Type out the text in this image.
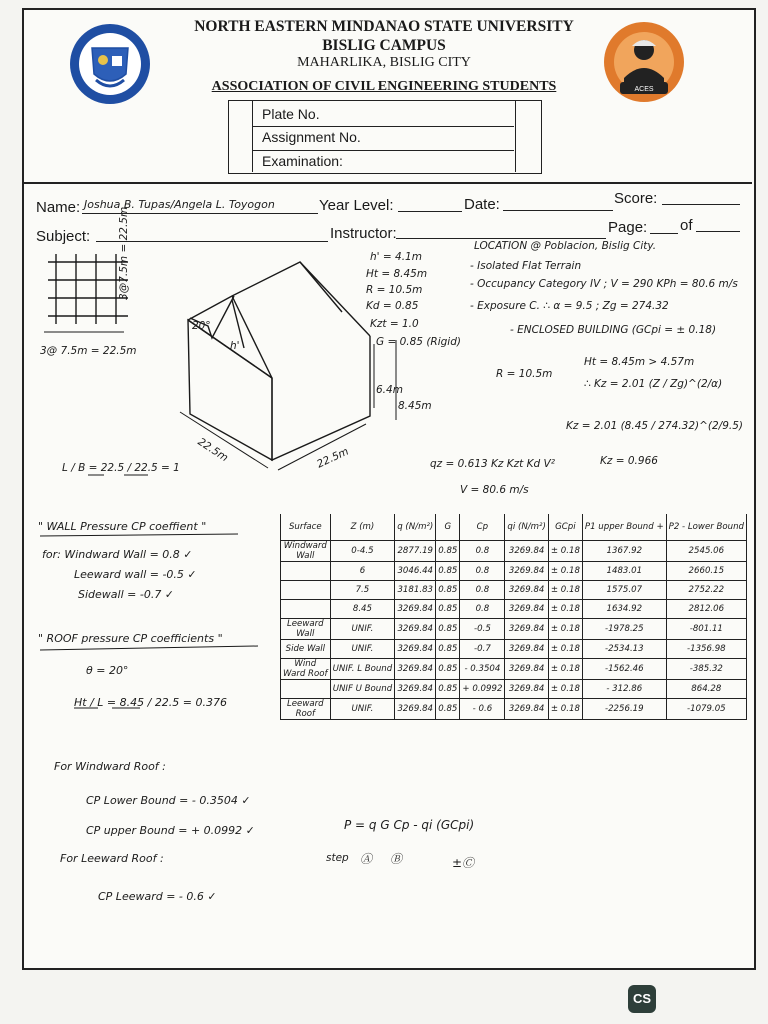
ACES
NORTH EASTERN MINDANAO STATE UNIVERSITY
BISLIG CAMPUS
MAHARLIKA, BISLIG CITY
ASSOCIATION OF CIVIL ENGINEERING STUDENTS
Plate No.
Assignment No.
Examination:
Name: Joshua B. Tupas/Angela L. Toyogon	Year Level:	Date:	Score:
Subject:	Instructor:	Page: of
3@ 7.5m = 22.5m
3@7.5m = 22.5m
20°
h'
6.4m
8.45m
22.5m	22.5m
h' = 4.1m
Ht = 8.45m
R = 10.5m
Kd = 0.85
Kzt = 1.0
G = 0.85 (Rigid)
LOCATION @ Poblacion, Bislig City.
- Isolated Flat Terrain
- Occupancy Category IV ; V = 290 KPh = 80.6 m/s
- Exposure C. ∴ α = 9.5 ; Zg = 274.32
- ENCLOSED BUILDING (GCpi = ± 0.18)
R = 10.5m
Ht = 8.45m > 4.57m
∴ Kz = 2.01 (Z / Zg)^(2/α)
Kz = 2.01 (8.45 / 274.32)^(2/9.5)
Kz = 0.966
qz = 0.613 Kz Kzt Kd V²
V = 80.6 m/s
L / B = 22.5 / 22.5 = 1
" WALL Pressure CP coeffient "
for: Windward Wall = 0.8 ✓
Leeward wall = -0.5 ✓
Sidewall = -0.7 ✓
" ROOF pressure CP coefficients "
θ = 20°
Ht / L = 8.45 / 22.5 = 0.376
For Windward Roof :
CP Lower Bound = - 0.3504 ✓
CP upper Bound = + 0.0992 ✓
For Leeward Roof :
CP Leeward = - 0.6 ✓
Surface	Z (m)	q (N/m²)	G	Cp	qi (N/m²)	GCpi	P1 upper Bound +	P2 - Lower Bound
Windward Wall	0-4.5	2877.19	0.85	0.8	3269.84	± 0.18	1367.92	2545.06
	6	3046.44	0.85	0.8	3269.84	± 0.18	1483.01	2660.15
	7.5	3181.83	0.85	0.8	3269.84	± 0.18	1575.07	2752.22
	8.45	3269.84	0.85	0.8	3269.84	± 0.18	1634.92	2812.06
Leeward Wall	UNIF.	3269.84	0.85	-0.5	3269.84	± 0.18	-1978.25	-801.11
Side Wall	UNIF.	3269.84	0.85	-0.7	3269.84	± 0.18	-2534.13	-1356.98
Wind Ward Roof	UNIF. L Bound	3269.84	0.85	- 0.3504	3269.84	± 0.18	-1562.46	-385.32
	UNIF U Bound	3269.84	0.85	+ 0.0992	3269.84	± 0.18	- 312.86	864.28
Leeward Roof	UNIF.	3269.84	0.85	- 0.6	3269.84	± 0.18	-2256.19	-1079.05
P = q G Cp - qi (GCpi)
step Ⓐ Ⓑ	±Ⓒ
CS
